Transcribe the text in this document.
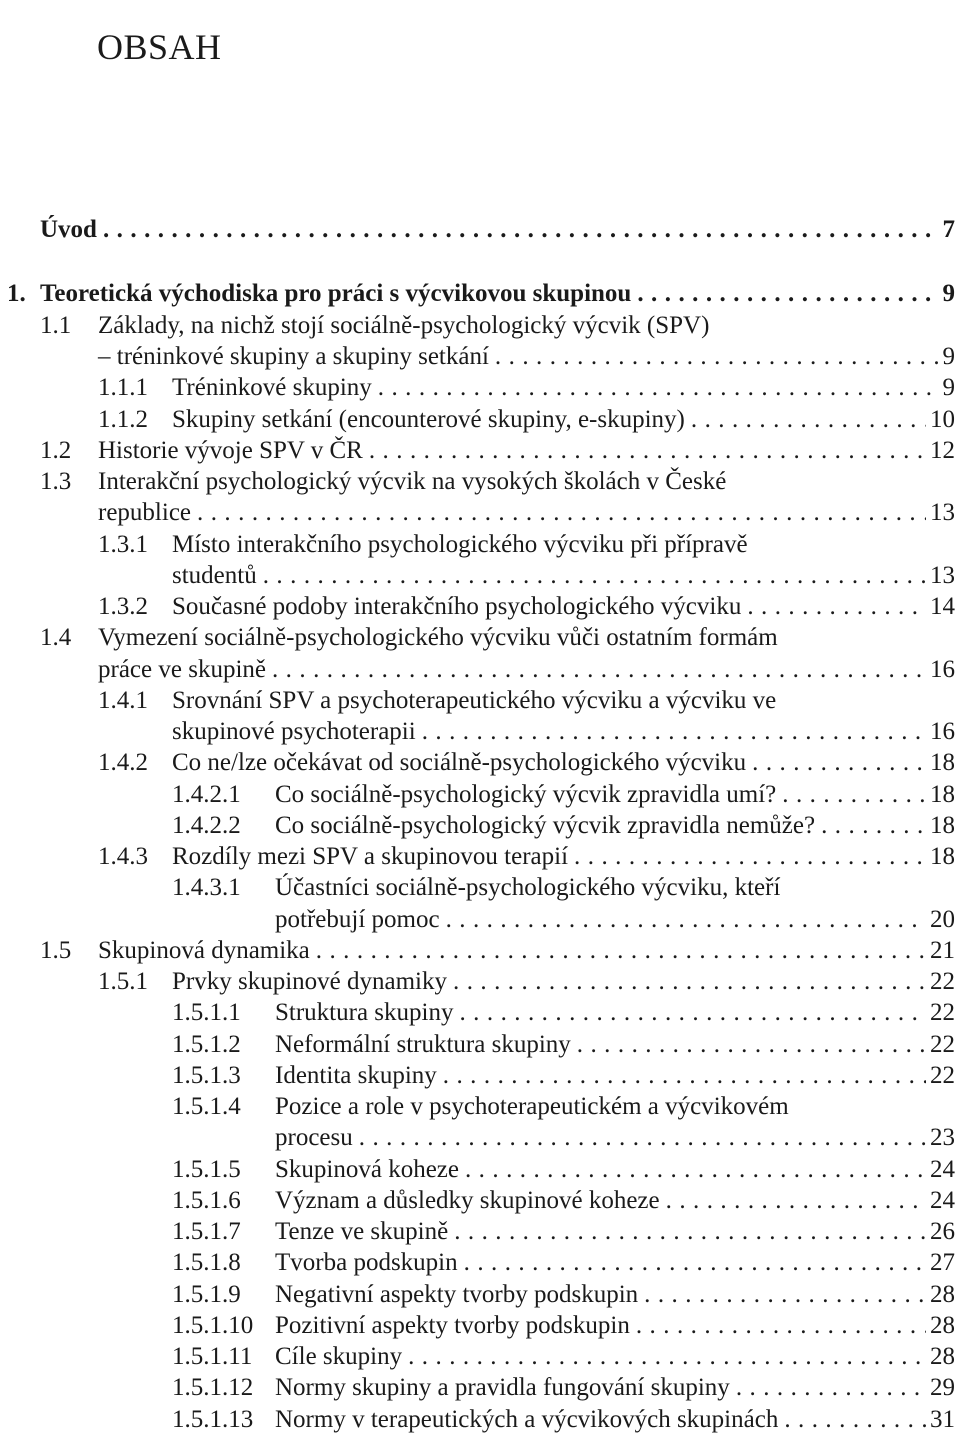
OBSAH
Úvod . . .	7
1. Teoretická východiska pro práci s výcvikovou skupinou . . .	9
1.1	Základy, na nichž stojí sociálně-psychologický výcvik (SPV)
– tréninkové skupiny a skupiny setkání . . .	9
1.1.1 Tréninkové skupiny . . .	9
1.1.2 Skupiny setkání (encounterové skupiny, e-skupiny) . . .	10
1.2	Historie vývoje SPV v ČR . . .	12
1.3	Interakční psychologický výcvik na vysokých školách v České
republice . . .	13
1.3.1 Místo interakčního psychologického výcviku při přípravě
studentů . . .	13
1.3.2 Současné podoby interakčního psychologického výcviku . . .	14
1.4	Vymezení sociálně-psychologického výcviku vůči ostatním formám
práce ve skupině . . .	16
1.4.1 Srovnání SPV a psychoterapeutického výcviku a výcviku ve
skupinové psychoterapii . . .	16
1.4.2 Co ne/lze očekávat od sociálně-psychologického výcviku . . .	18
1.4.2.1	Co sociálně-psychologický výcvik zpravidla umí? . . .	18
1.4.2.2	Co sociálně-psychologický výcvik zpravidla nemůže? . . .	18
1.4.3 Rozdíly mezi SPV a skupinovou terapií . . .	18
1.4.3.1	Účastníci sociálně-psychologického výcviku, kteří
potřebují pomoc . . .	20
1.5	Skupinová dynamika . . .	21
1.5.1 Prvky skupinové dynamiky . . .	22
1.5.1.1	Struktura skupiny . . .	22
1.5.1.2	Neformální struktura skupiny . . .	22
1.5.1.3	Identita skupiny . . .	22
1.5.1.4	Pozice a role v psychoterapeutickém a výcvikovém
procesu . . .	23
1.5.1.5	Skupinová koheze . . .	24
1.5.1.6	Význam a důsledky skupinové koheze . . .	24
1.5.1.7	Tenze ve skupině . . .	26
1.5.1.8	Tvorba podskupin . . .	27
1.5.1.9	Negativní aspekty tvorby podskupin . . .	28
1.5.1.10 Pozitivní aspekty tvorby podskupin . . .	28
1.5.1.11 Cíle skupiny . . .	28
1.5.1.12 Normy skupiny a pravidla fungování skupiny . . .	29
1.5.1.13 Normy v terapeutických a výcvikových skupinách . . .	31
